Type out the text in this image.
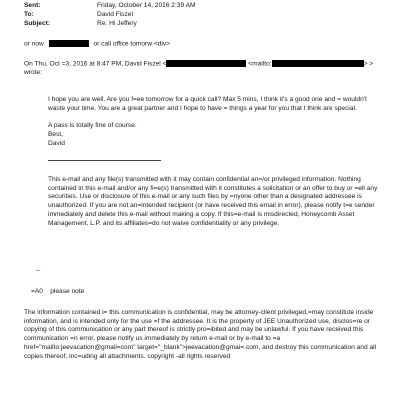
Sent:	Friday, October 14, 2016 2:39 AM
To:	David Fiszel
Subject:	Re: Hi Jeffery
or now	or call office tomorw <div>
On Thu, Oct =3, 2016 at 8:47 PM, David Fiszel <	<mailto:	> >
wrote:

I hope you are well. Are you f=ee tomorrow for a quick call? Max 5 mins, I think it's a good one and = wouldn't waste your time. You are a great partner and I hope to have = things a year for you that I think are special.

A pass is totally fine of course.
Best,
David

This e-mail and any file(s) transmitted with it may contain confidential an=/or privileged information. Nothing contained in this e-mail and/or any fi=e(s) transmitted with it constitutes a solicitation or an offer to buy or =ell any securities. Use or disclosure of this e-mail or any such files by =nyone other than a designated addressee is unauthorized. If you are not an=intended recipient (or have received this email in error), please notify t=e sender immediately and delete this e-mail without making a copy. If this=e-mail is misdirected, Honeycomb Asset Management, L.P. and its affiliates=do not waive confidentiality or any privilege.

--
=A0    please note

The information contained i= this communication is confidential, may be attorney-client privileged,=may constitute inside information, and is intended only for the use =f the addressee. It is the property of JEE Unauthorized use, disclos=re or copying of this communication or any part thereof is strictly pro=ibited and may be unlawful. If you have received this communication =n error, please notify us immediately by return e-mail or by e-mail to =a href="mailto:jeevacation@gmail=com" target="_blank">jeevacation@gmai=.com, and destroy this communication and all copies thereof, inc=uding all attachments. copyright -all rights reserved
